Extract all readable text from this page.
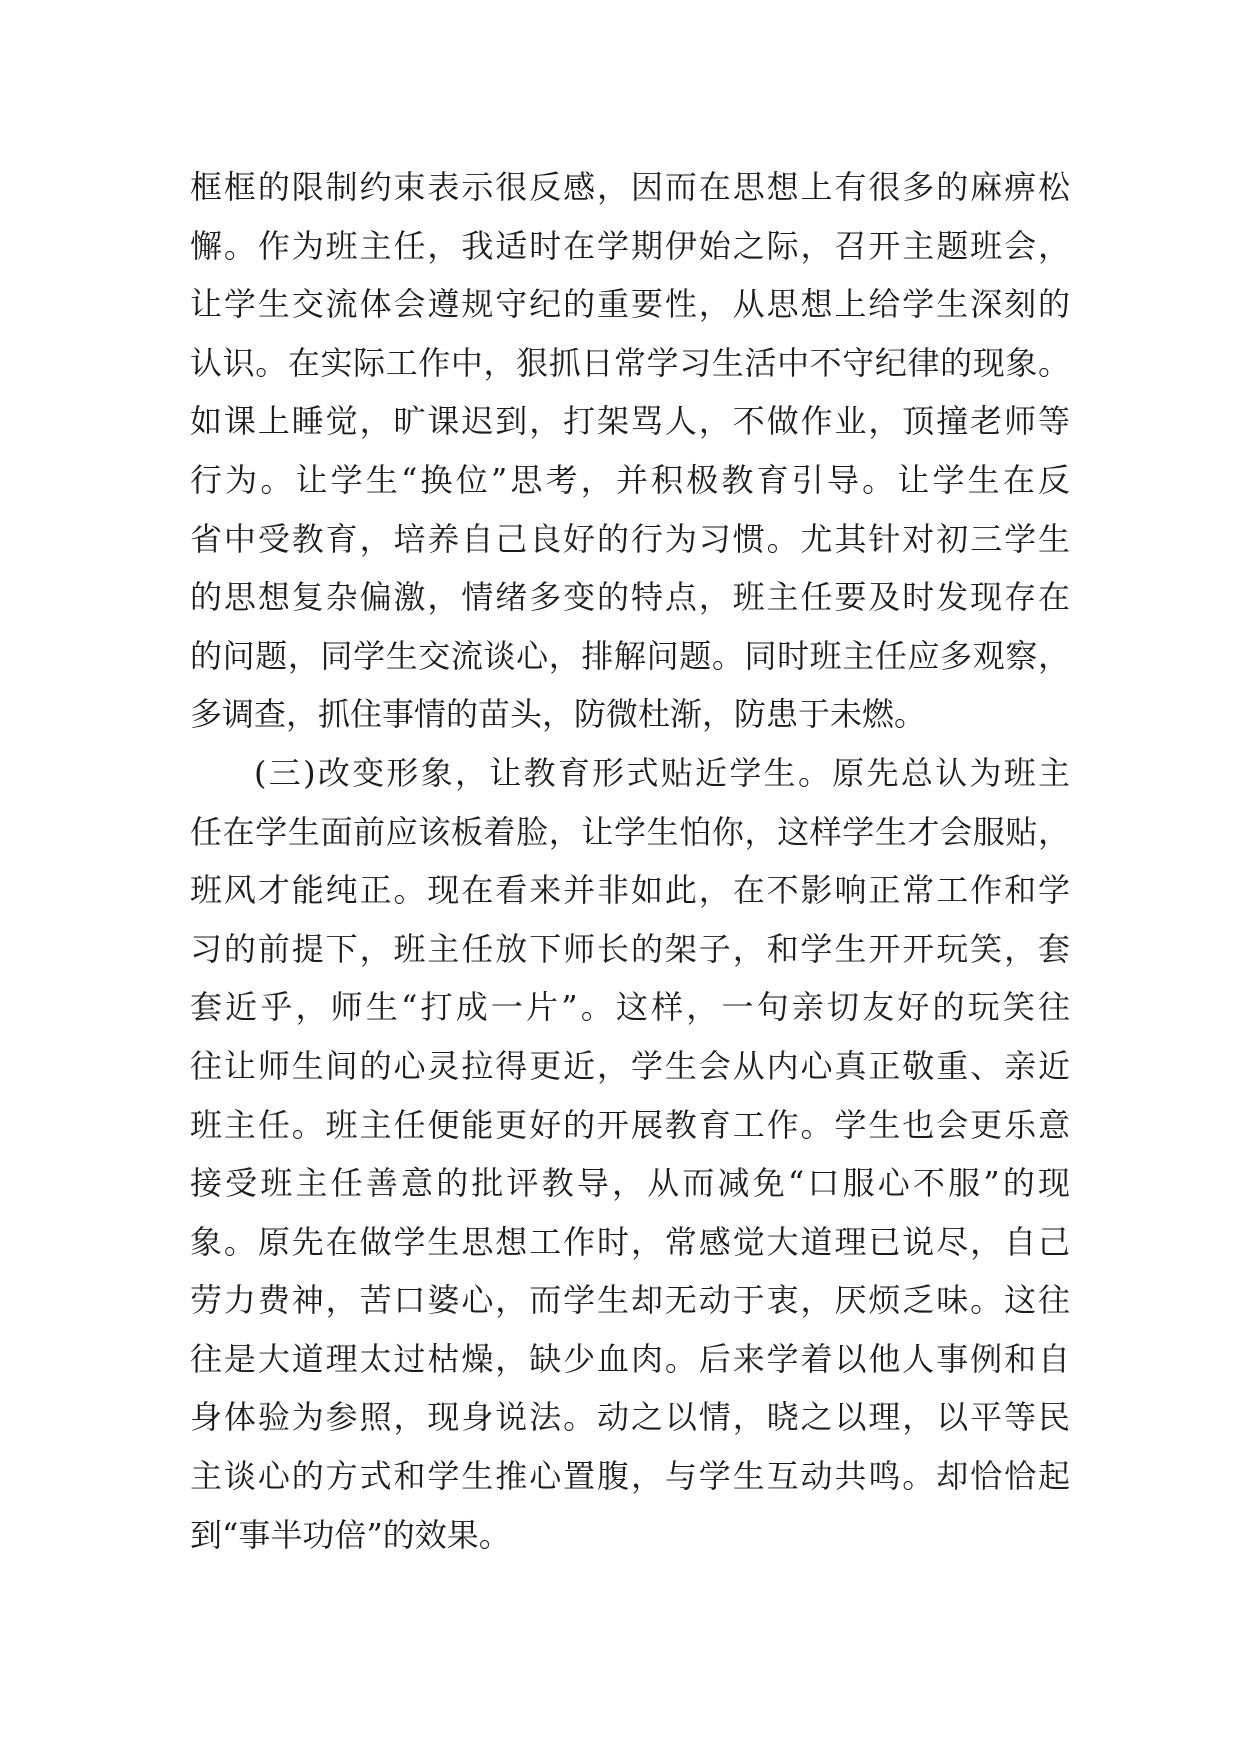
框框的限制约束表示很反感，因而在思想上有很多的麻痹松
懈。作为班主任，我适时在学期伊始之际，召开主题班会，
让学生交流体会遵规守纪的重要性，从思想上给学生深刻的
认识。在实际工作中，狠抓日常学习生活中不守纪律的现象。
如课上睡觉，旷课迟到，打架骂人，不做作业，顶撞老师等
行为。让学生“换位”思考，并积极教育引导。让学生在反
省中受教育，培养自己良好的行为习惯。尤其针对初三学生
的思想复杂偏激，情绪多变的特点，班主任要及时发现存在
的问题，同学生交流谈心，排解问题。同时班主任应多观察，
多调查，抓住事情的苗头，防微杜渐，防患于未燃。
(三)改变形象，让教育形式贴近学生。原先总认为班主
任在学生面前应该板着脸，让学生怕你，这样学生才会服贴，
班风才能纯正。现在看来并非如此，在不影响正常工作和学
习的前提下，班主任放下师长的架子，和学生开开玩笑，套
套近乎，师生“打成一片”。这样，一句亲切友好的玩笑往
往让师生间的心灵拉得更近，学生会从内心真正敬重、亲近
班主任。班主任便能更好的开展教育工作。学生也会更乐意
接受班主任善意的批评教导，从而减免“口服心不服”的现
象。原先在做学生思想工作时，常感觉大道理已说尽，自己
劳力费神，苦口婆心，而学生却无动于衷，厌烦乏味。这往
往是大道理太过枯燥，缺少血肉。后来学着以他人事例和自
身体验为参照，现身说法。动之以情，晓之以理，以平等民
主谈心的方式和学生推心置腹，与学生互动共鸣。却恰恰起
到“事半功倍”的效果。
